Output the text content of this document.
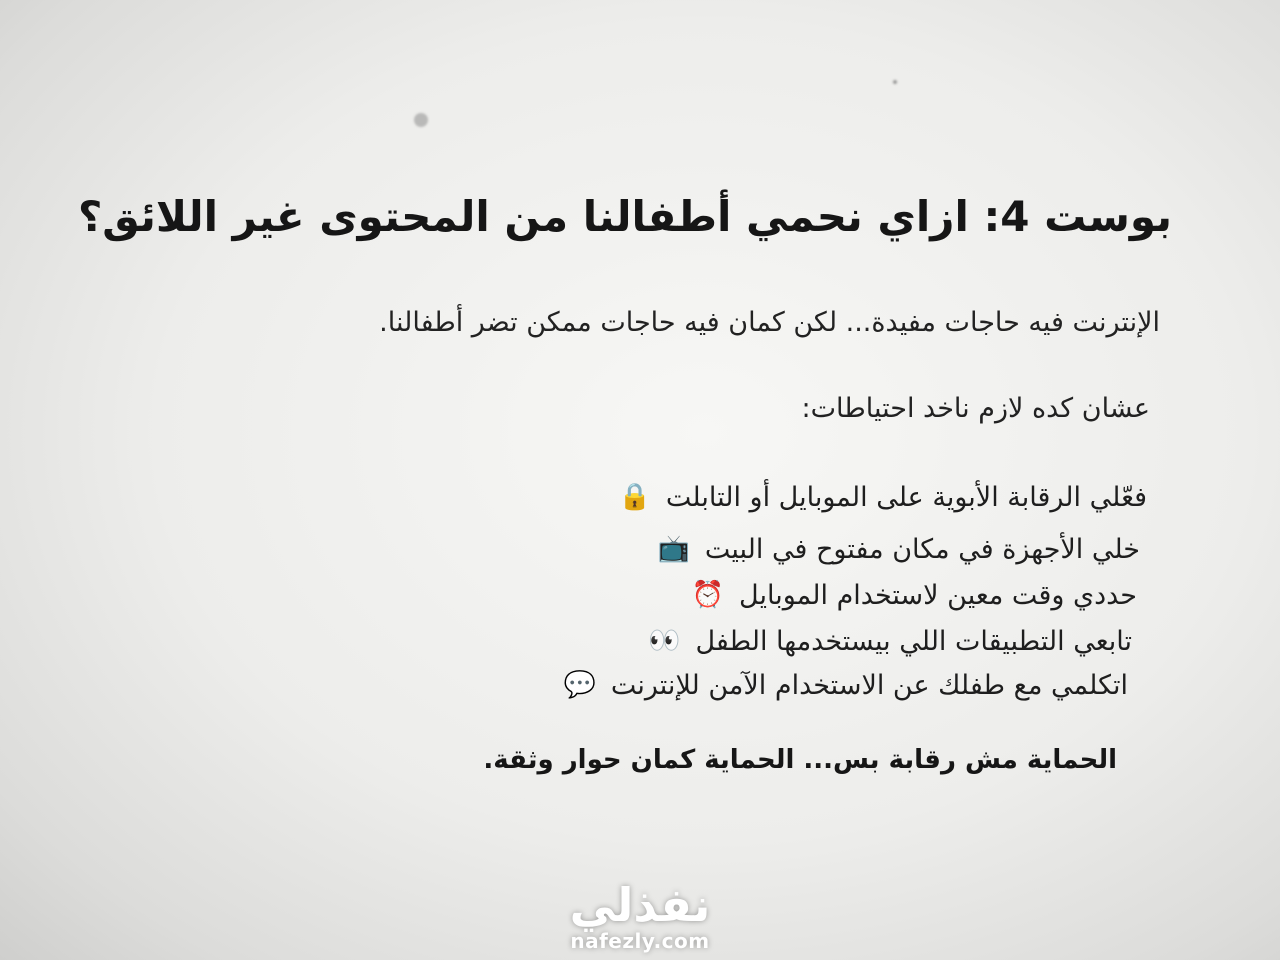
بوست 4: ازاي نحمي أطفالنا من المحتوى غير اللائق؟
الإنترنت فيه حاجات مفيدة... لكن كمان فيه حاجات ممكن تضر أطفالنا.
عشان كده لازم ناخد احتياطات:
فعّلي الرقابة الأبوية على الموبايل أو التابلت
🔒
خلي الأجهزة في مكان مفتوح في البيت
📺
حددي وقت معين لاستخدام الموبايل
⏰
تابعي التطبيقات اللي بيستخدمها الطفل
👀
اتكلمي مع طفلك عن الاستخدام الآمن للإنترنت
💬
الحماية مش رقابة بس... الحماية كمان حوار وثقة.
نفذلي
nafezly.com
